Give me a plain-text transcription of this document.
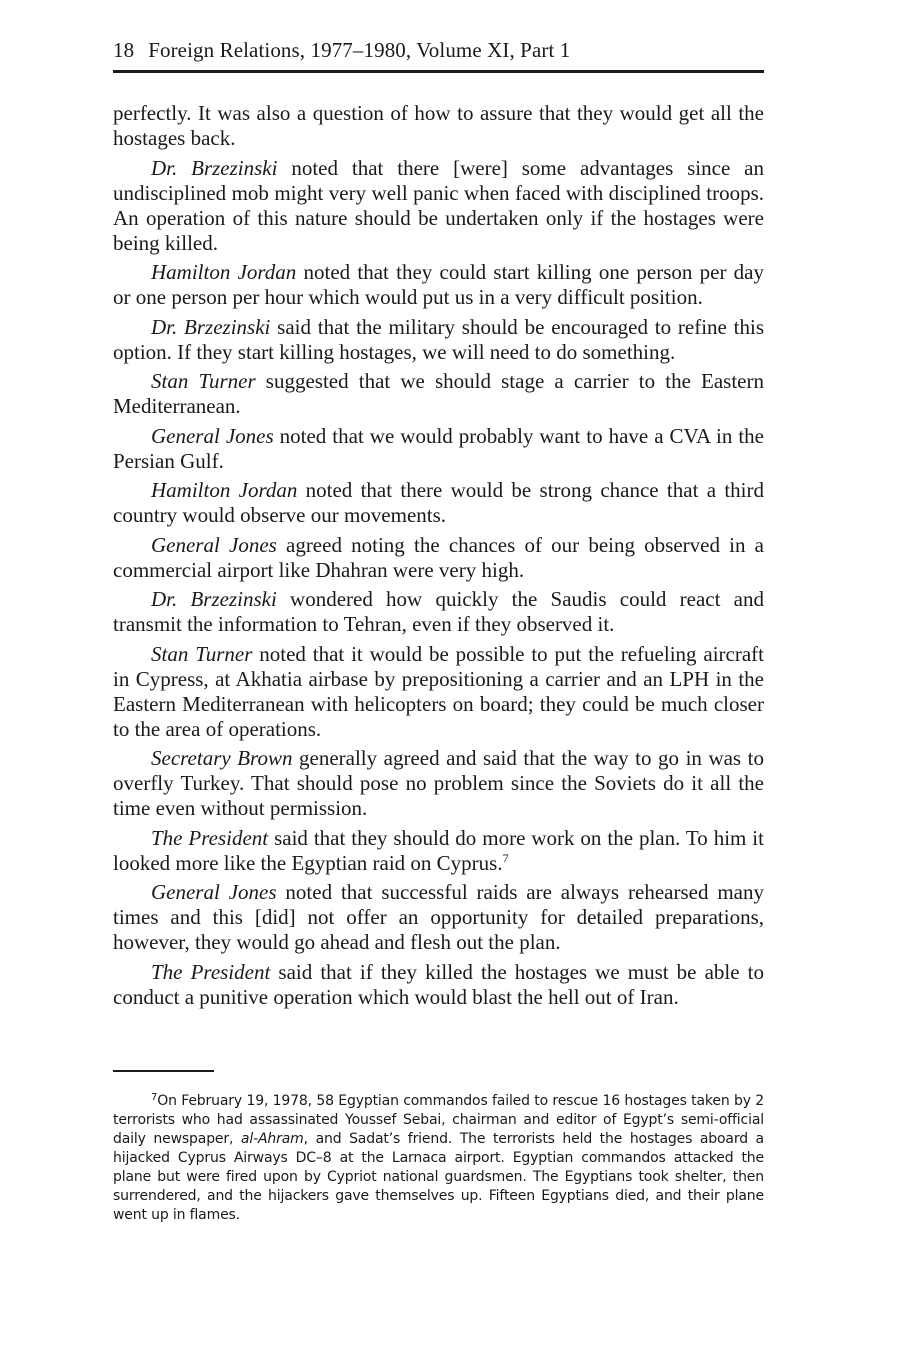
18 Foreign Relations, 1977–1980, Volume XI, Part 1

perfectly. It was also a question of how to assure that they would get all the hostages back.

Dr. Brzezinski noted that there [were] some advantages since an undisciplined mob might very well panic when faced with disciplined troops. An operation of this nature should be undertaken only if the hostages were being killed.

Hamilton Jordan noted that they could start killing one person per day or one person per hour which would put us in a very difficult position.

Dr. Brzezinski said that the military should be encouraged to refine this option. If they start killing hostages, we will need to do something.

Stan Turner suggested that we should stage a carrier to the Eastern Mediterranean.

General Jones noted that we would probably want to have a CVA in the Persian Gulf.

Hamilton Jordan noted that there would be strong chance that a third country would observe our movements.

General Jones agreed noting the chances of our being observed in a commercial airport like Dhahran were very high.

Dr. Brzezinski wondered how quickly the Saudis could react and transmit the information to Tehran, even if they observed it.

Stan Turner noted that it would be possible to put the refueling aircraft in Cypress, at Akhatia airbase by prepositioning a carrier and an LPH in the Eastern Mediterranean with helicopters on board; they could be much closer to the area of operations.

Secretary Brown generally agreed and said that the way to go in was to overfly Turkey. That should pose no problem since the Soviets do it all the time even without permission.

The President said that they should do more work on the plan. To him it looked more like the Egyptian raid on Cyprus.$^7$

General Jones noted that successful raids are always rehearsed many times and this [did] not offer an opportunity for detailed preparations, however, they would go ahead and flesh out the plan.

The President said that if they killed the hostages we must be able to conduct a punitive operation which would blast the hell out of Iran.

$^7$On February 19, 1978, 58 Egyptian commandos failed to rescue 16 hostages taken by 2 terrorists who had assassinated Youssef Sebai, chairman and editor of Egypt’s semi-official daily newspaper, al-Ahram, and Sadat’s friend. The terrorists held the hostages aboard a hijacked Cyprus Airways DC–8 at the Larnaca airport. Egyptian commandos attacked the plane but were fired upon by Cypriot national guardsmen. The Egyptians took shelter, then surrendered, and the hijackers gave themselves up. Fifteen Egyptians died, and their plane went up in flames.
